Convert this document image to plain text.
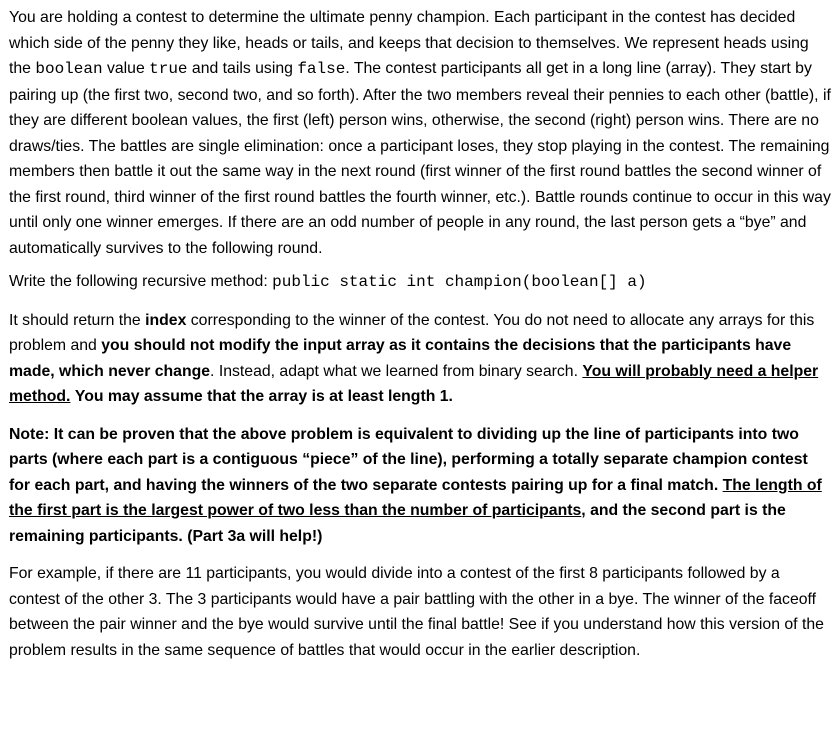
You are holding a contest to determine the ultimate penny champion. Each participant in the contest has decided which side of the penny they like, heads or tails, and keeps that decision to themselves. We represent heads using the boolean value true and tails using false. The contest participants all get in a long line (array). They start by pairing up (the first two, second two, and so forth). After the two members reveal their pennies to each other (battle), if they are different boolean values, the first (left) person wins, otherwise, the second (right) person wins. There are no draws/ties. The battles are single elimination: once a participant loses, they stop playing in the contest. The remaining members then battle it out the same way in the next round (first winner of the first round battles the second winner of the first round, third winner of the first round battles the fourth winner, etc.). Battle rounds continue to occur in this way until only one winner emerges. If there are an odd number of people in any round, the last person gets a “bye” and automatically survives to the following round.

Write the following recursive method: public static int champion(boolean[] a)

It should return the index corresponding to the winner of the contest. You do not need to allocate any arrays for this problem and you should not modify the input array as it contains the decisions that the participants have made, which never change. Instead, adapt what we learned from binary search. You will probably need a helper method. You may assume that the array is at least length 1.

Note: It can be proven that the above problem is equivalent to dividing up the line of participants into two parts (where each part is a contiguous “piece” of the line), performing a totally separate champion contest for each part, and having the winners of the two separate contests pairing up for a final match. The length of the first part is the largest power of two less than the number of participants, and the second part is the remaining participants. (Part 3a will help!)

For example, if there are 11 participants, you would divide into a contest of the first 8 participants followed by a contest of the other 3. The 3 participants would have a pair battling with the other in a bye. The winner of the faceoff between the pair winner and the bye would survive until the final battle! See if you understand how this version of the problem results in the same sequence of battles that would occur in the earlier description.
